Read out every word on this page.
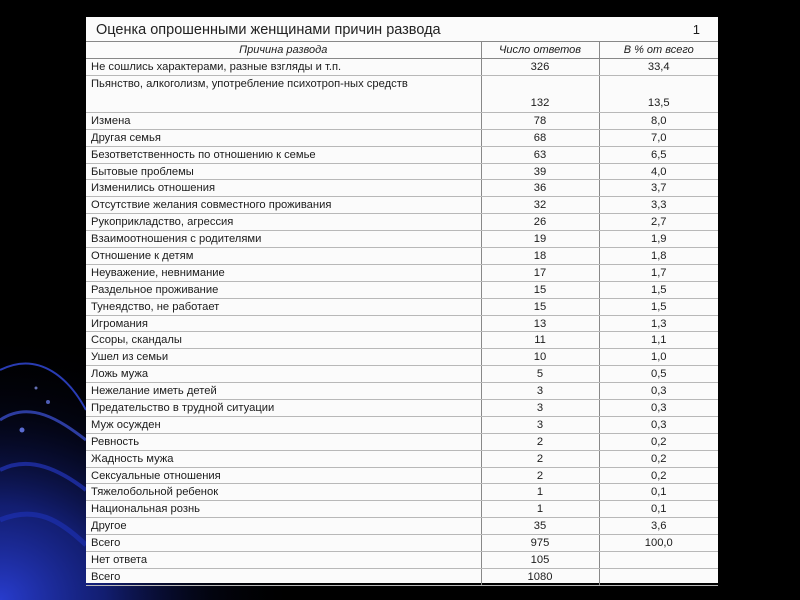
Оценка опрошенными женщинами причин развода	1
Причина развода	Число ответов	В % от всего
Не сошлись характерами, разные взгляды и т.п.	326	33,4
Пьянство, алкоголизм, употребление психотроп-ных средств	132	13,5
Измена	78	8,0
Другая семья	68	7,0
Безответственность по отношению к семье	63	6,5
Бытовые проблемы	39	4,0
Изменились отношения	36	3,7
Отсутствие желания совместного проживания	32	3,3
Рукоприкладство, агрессия	26	2,7
Взаимоотношения с родителями	19	1,9
Отношение к детям	18	1,8
Неуважение, невнимание	17	1,7
Раздельное проживание	15	1,5
Тунеядство, не работает	15	1,5
Игромания	13	1,3
Ссоры, скандалы	11	1,1
Ушел из семьи	10	1,0
Ложь мужа	5	0,5
Нежелание иметь детей	3	0,3
Предательство в трудной ситуации	3	0,3
Муж осужден	3	0,3
Ревность	2	0,2
Жадность мужа	2	0,2
Сексуальные отношения	2	0,2
Тяжелобольной ребенок	1	0,1
Национальная рознь	1	0,1
Другое	35	3,6
Всего	975	100,0
Нет ответа	105	
Всего	1080	
